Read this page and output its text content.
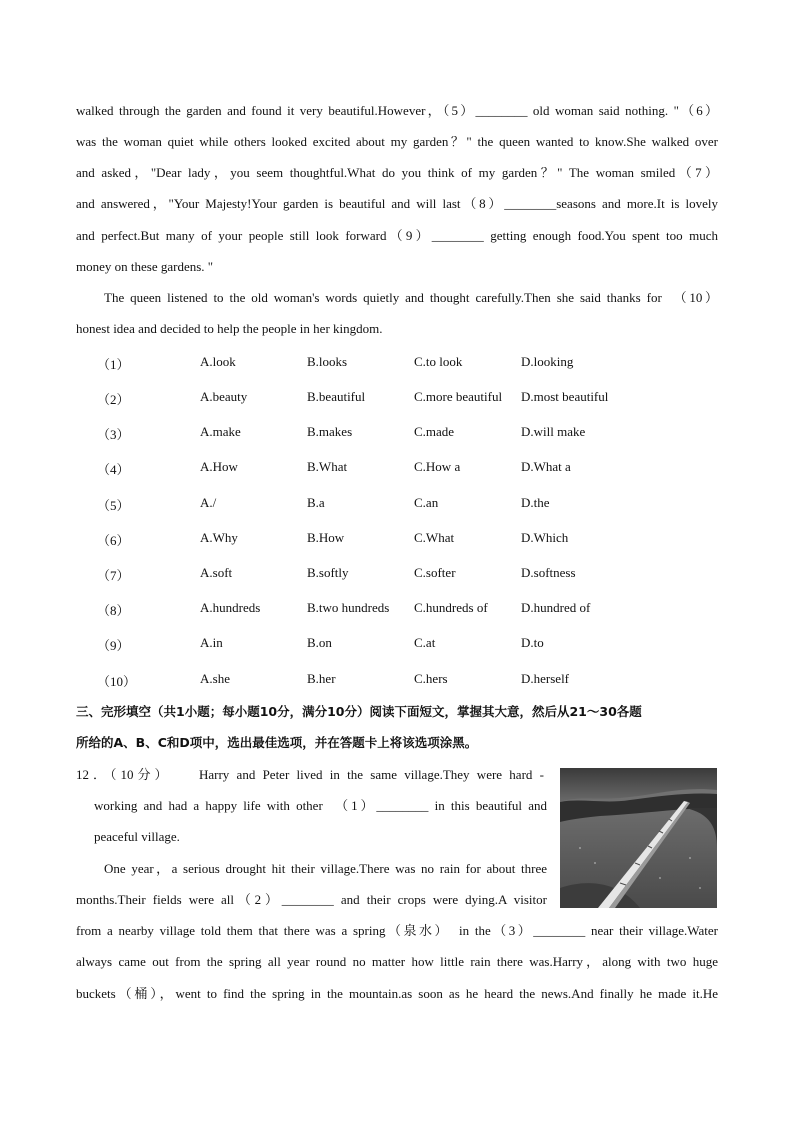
walked through the garden and found it very beautiful.However，（5）________ old woman said nothing. "（6）
was the woman quiet while others looked excited about my garden？" the queen wanted to know.She walked over
and asked，"Dear lady，you seem thoughtful.What do you think of my garden？" The woman smiled（7）
and answered，"Your Majesty!Your garden is beautiful and will last（8）________seasons and more.It is lovely
and perfect.But many of your people still look forward（9）________ getting enough food.You spent too much
money on these gardens. "
The queen listened to the old woman's words quietly and thought carefully.Then she said thanks for　（10）
honest idea and decided to help the people in her kingdom.
（1）	A.look	B.looks	C.to look	D.looking
（2）	A.beauty	B.beautiful	C.more beautiful D.most beautiful
（3）	A.make	B.makes	C.made	D.will make
（4）	A.How	B.What	C.How a	D.What a
（5）	A./	B.a	C.an	D.the
（6）	A.Why	B.How	C.What	D.Which
（7）	A.soft	B.softly	C.softer	D.softness
（8）	A.hundreds	B.two hundreds C.hundreds of	D.hundred of
（9）	A.in	B.on	C.at	D.to
（10）	A.she	B.her	C.hers	D.herself
三、完形填空（共1小题；每小题10分，满分10分）阅读下面短文，掌握其大意，然后从21～30各题
所给的A、B、C和D项中，选出最佳选项，并在答题卡上将该选项涂黑。
12．（10分）　　Harry and Peter lived in the same village.They were hard -
working and had a happy life with other　（1）________ in this beautiful and
peaceful village.
One year，a serious drought hit their village.There was no rain for about three
months.Their fields were all（2）________ and their crops were dying.A visitor
from a nearby village told them that there was a spring（泉水）　in the（3）________ near their village.Water
always came out from the spring all year round no matter how little rain there was.Harry，along with two huge
buckets（桶），went to find the spring in the mountain.as soon as he heard the news.And finally he made it.He
